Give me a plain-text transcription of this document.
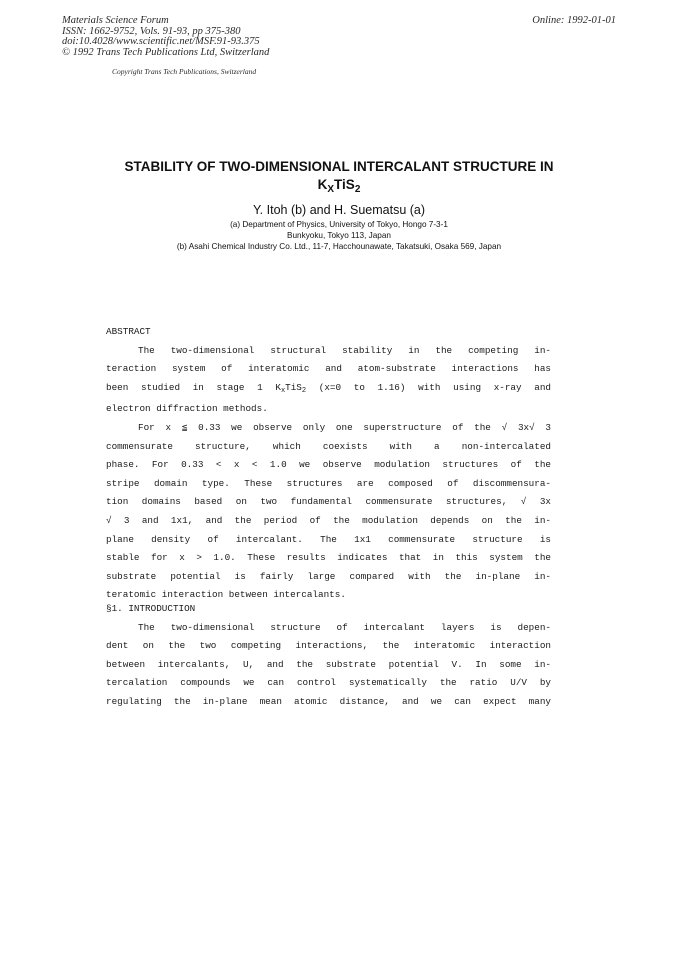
Materials Science Forum
ISSN: 1662-9752, Vols. 91-93, pp 375-380
doi:10.4028/www.scientific.net/MSF.91-93.375
© 1992 Trans Tech Publications Ltd, Switzerland
Online: 1992-01-01
Copyright Trans Tech Publications, Switzerland
STABILITY OF TWO-DIMENSIONAL INTERCALANT STRUCTURE IN
$K_XTiS_2$
Y. Itoh (b) and H. Suematsu (a)
(a) Department of Physics, University of Tokyo, Hongo 7-3-1
Bunkyoku, Tokyo 113, Japan
(b) Asahi Chemical Industry Co. Ltd., 11-7, Hacchounawate, Takatsuki, Osaka 569, Japan
ABSTRACT
The two-dimensional structural stability in the competing in-
teraction system of interatomic and atom-substrate interactions has
been studied in stage 1 $K_xTiS_2$ (x=0 to 1.16) with using x-ray and
electron diffraction methods.
For x ≦ 0.33 we observe only one superstructure of the √ 3x√ 3
commensurate structure, which coexists with a non-intercalated
phase. For 0.33 < x < 1.0 we observe modulation structures of the
stripe domain type. These structures are composed of discommensura-
tion domains based on two fundamental commensurate structures, √ 3x
√ 3 and 1x1, and the period of the modulation depends on the in-
plane density of intercalant. The 1x1 commensurate structure is
stable for x > 1.0. These results indicates that in this system the
substrate potential is fairly large compared with the in-plane in-
teratomic interaction between intercalants.
§1. INTRODUCTION
The two-dimensional structure of intercalant layers is depen-
dent on the two competing interactions, the interatomic interaction
between intercalants, U, and the substrate potential V. In some in-
tercalation compounds we can control systematically the ratio U/V by
regulating the in-plane mean atomic distance, and we can expect many
